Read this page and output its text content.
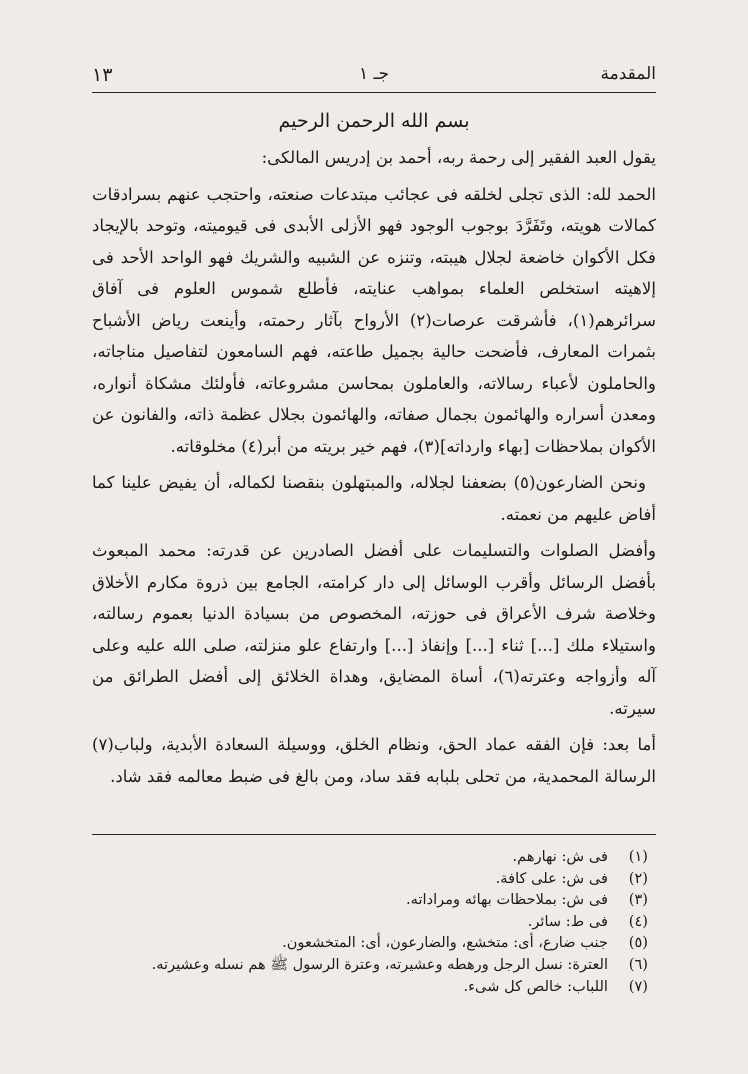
المقدمة
جـ ١
١٣
بسم الله الرحمن الرحيم

يقول العبد الفقير إلى رحمة ربه، أحمد بن إدريس المالكى:

الحمد لله: الذى تجلى لخلقه فى عجائب مبتدعات صنعته، واحتجب عنهم بسرادقات كمالات هويته، وتَفَرَّدَ بوجوب الوجود فهو الأزلى الأبدى فى قيوميته، وتوحد بالإيجاد فكل الأكوان خاضعة لجلال هيبته، وتنزه عن الشبيه والشريك فهو الواحد الأحد فى إلاهيته استخلص العلماء بمواهب عنايته، فأطلع شموس العلوم فى آفاق سرائرهم(١)، فأشرقت عرصات(٢) الأرواح بآثار رحمته، وأينعت رياض الأشباح بثمرات المعارف، فأضحت حالية بجميل طاعته، فهم السامعون لتفاصيل مناجاته، والحاملون لأعباء رسالاته، والعاملون بمحاسن مشروعاته، فأولئك مشكاة أنواره، ومعدن أسراره والهائمون بجمال صفاته، والهائمون بجلال عظمة ذاته، والفانون عن الأكوان بملاحظات [بهاء وارداته](٣)، فهم خير بريته من أبر(٤) مخلوقاته.

ونحن الضارعون(٥) بضعفنا لجلاله، والمبتهلون بنقصنا لكماله، أن يفيض علينا كما أفاض عليهم من نعمته.

وأفضل الصلوات والتسليمات على أفضل الصادرين عن قدرته: محمد المبعوث بأفضل الرسائل وأقرب الوسائل إلى دار كرامته، الجامع بين ذروة مكارم الأخلاق وخلاصة شرف الأعراق فى حوزته، المخصوص من بسيادة الدنيا بعموم رسالته، واستيلاء ملك [...] ثناء [...] وإنفاذ [...] وارتفاع علو منزلته، صلى الله عليه وعلى آله وأزواجه وعترته(٦)، أساة المضايق، وهداة الخلائق إلى أفضل الطرائق من سيرته.

أما بعد: فإن الفقه عماد الحق، ونظام الخلق، ووسيلة السعادة الأبدية، ولباب(٧) الرسالة المحمدية، من تحلى بلبابه فقد ساد، ومن بالغ فى ضبط معالمه فقد شاد.

(١)
فى ش: نهارهم.
(٢)
فى ش: على كافة.
(٣)
فى ش: بملاحظات بهائه ومراداته.
(٤)
فى ط: سائر.
(٥)
جنب ضارع، أى: متخشع، والضارعون، أى: المتخشعون.
(٦)
العترة: نسل الرجل ورهطه وعشيرته، وعترة الرسول ﷺ هم نسله وعشيرته.
(٧)
اللباب: خالص كل شىء.
